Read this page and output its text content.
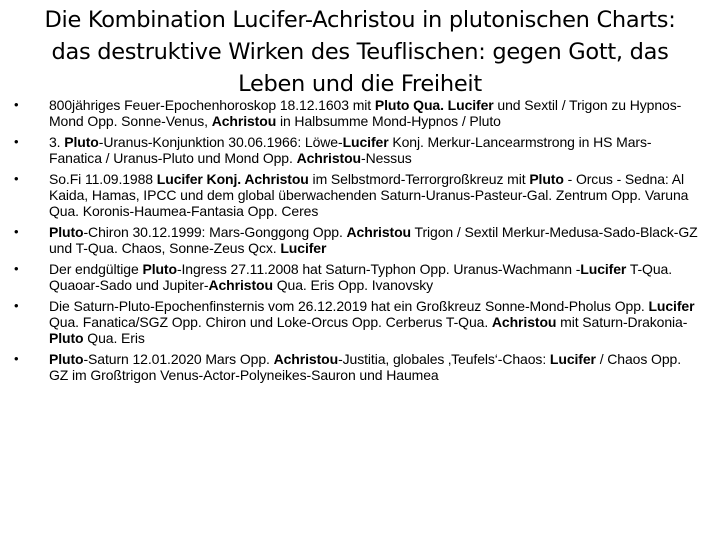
Die Kombination Lucifer-Achristou in plutonischen Charts: das destruktive Wirken des Teuflischen: gegen Gott, das Leben und die Freiheit
•	800jähriges Feuer-Epochenhoroskop 18.12.1603 mit Pluto Qua. Lucifer und Sextil / Trigon zu Hypnos-Mond Opp. Sonne-Venus, Achristou in Halbsumme Mond-Hypnos / Pluto
•	3. Pluto-Uranus-Konjunktion 30.06.1966: Löwe-Lucifer Konj. Merkur-Lancearmstrong in HS Mars-Fanatica / Uranus-Pluto und Mond Opp. Achristou-Nessus
•	So.Fi 11.09.1988 Lucifer Konj. Achristou im Selbstmord-Terrorgroßkreuz mit Pluto - Orcus - Sedna: Al Kaida, Hamas, IPCC und dem global überwachenden Saturn-Uranus-Pasteur-Gal. Zentrum Opp. Varuna Qua. Koronis-Haumea-Fantasia Opp. Ceres
•	Pluto-Chiron 30.12.1999: Mars-Gonggong Opp. Achristou Trigon / Sextil Merkur-Medusa-Sado-Black-GZ und T-Qua. Chaos, Sonne-Zeus Qcx. Lucifer
•	Der endgültige Pluto-Ingress 27.11.2008 hat Saturn-Typhon Opp. Uranus-Wachmann -Lucifer T-Qua. Quaoar-Sado und Jupiter-Achristou Qua. Eris Opp. Ivanovsky
•	Die Saturn-Pluto-Epochenfinsternis vom 26.12.2019 hat ein Großkreuz Sonne-Mond-Pholus Opp. Lucifer Qua. Fanatica/SGZ Opp. Chiron und Loke-Orcus Opp. Cerberus T-Qua. Achristou mit Saturn-Drakonia-Pluto Qua. Eris
•	Pluto-Saturn 12.01.2020 Mars Opp. Achristou-Justitia, globales ‚Teufels‘-Chaos: Lucifer / Chaos Opp. GZ im Großtrigon Venus-Actor-Polyneikes-Sauron und Haumea
